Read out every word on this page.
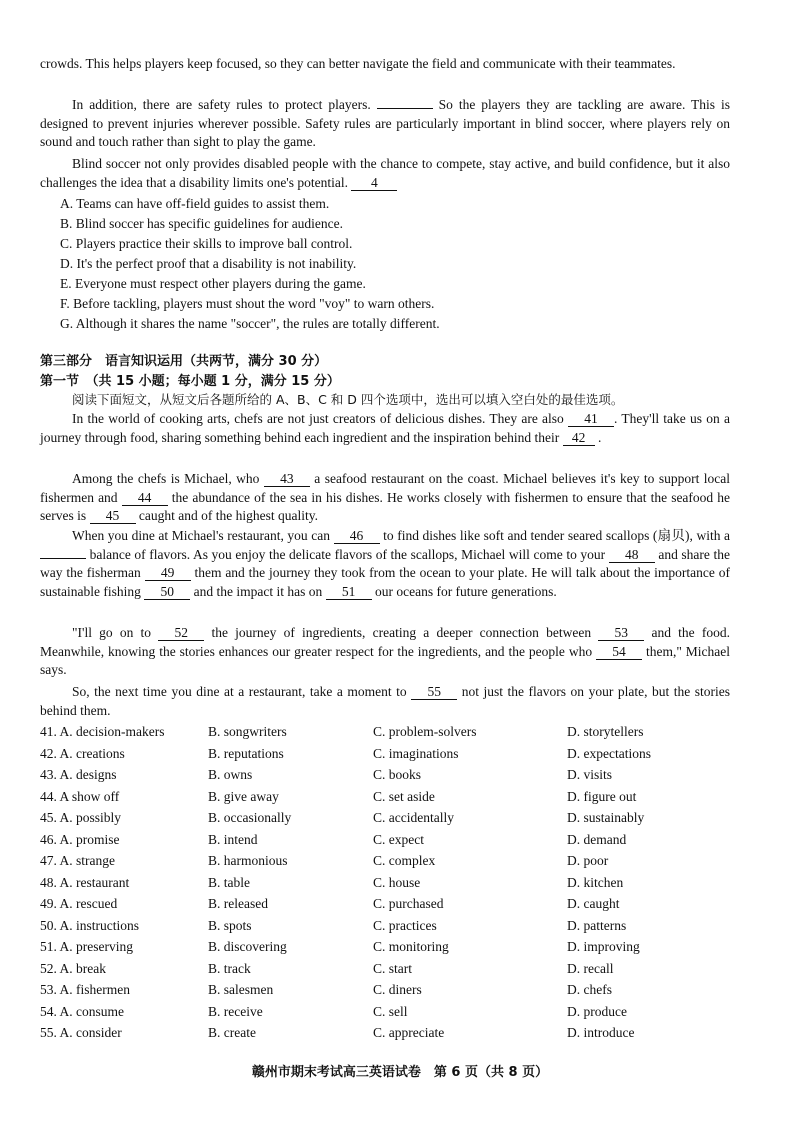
crowds. This helps players keep focused, so they can better navigate the field and communicate with their teammates.

In addition, there are safety rules to protect players.	So the players they are tackling are aware. This is designed to prevent injuries wherever possible. Safety rules are particularly important in blind soccer, where players rely on sound and touch rather than sight to play the game.

Blind soccer not only provides disabled people with the chance to compete, stay active, and build confidence, but it also challenges the idea that a disability limits one's potential. 4

A. Teams can have off-field guides to assist them.

B. Blind soccer has specific guidelines for audience.

C. Players practice their skills to improve ball control.

D. It's the perfect proof that a disability is not inability.

E. Everyone must respect other players during the game.

F. Before tackling, players must shout the word "voy" to warn others.

G. Although it shares the name "soccer", the rules are totally different.

第三部分　语言知识运用（共两节，满分 30 分）

第一节　（共 15 小题；每小题 1 分，满分 15 分）

阅读下面短文，从短文后各题所给的 A、B、C 和 D 四个选项中，选出可以填入空白处的最佳选项。

In the world of cooking arts, chefs are not just creators of delicious dishes. They are also 41 . They'll take us on a journey through food, sharing something behind each ingredient and the inspiration behind their 42 .

Among the chefs is Michael, who 43 a seafood restaurant on the coast. Michael believes it's key to support local fishermen and 44 the abundance of the sea in his dishes. He works closely with fishermen to ensure that the seafood he serves is 45 caught and of the highest quality.

When you dine at Michael's restaurant, you can 46 to find dishes like soft and tender seared scallops (扇贝), with a  balance of flavors. As you enjoy the delicate flavors of the scallops, Michael will come to your 48 and share the way the fisherman 49 them and the journey they took from the ocean to your plate. He will talk about the importance of sustainable fishing 50 and the impact it has on 51 our oceans for future generations.

"I'll go on to 52 the journey of ingredients, creating a deeper connection between 53 and the food. Meanwhile, knowing the stories enhances our greater respect for the ingredients, and the people who 54 them," Michael says.

So, the next time you dine at a restaurant, take a moment to 55 not just the flavors on your plate, but the stories behind them.

41. A. decision-makers	B. songwriters	C. problem-solvers	D. storytellers
42. A. creations	B. reputations	C. imaginations	D. expectations
43. A. designs	B. owns	C. books	D. visits
44. A show off	B. give away	C. set aside	D. figure out
45. A. possibly	B. occasionally	C. accidentally	D. sustainably
46. A. promise	B. intend	C. expect	D. demand
47. A. strange	B. harmonious	C. complex	D. poor
48. A. restaurant	B. table	C. house	D. kitchen
49. A. rescued	B. released	C. purchased	D. caught
50. A. instructions	B. spots	C. practices	D. patterns
51. A. preserving	B. discovering	C. monitoring	D. improving
52. A. break	B. track	C. start	D. recall
53. A. fishermen	B. salesmen	C. diners	D. chefs
54. A. consume	B. receive	C. sell	D. produce
55. A. consider	B. create	C. appreciate	D. introduce
赣州市期末考试高三英语试卷　第 6 页（共 8 页）
